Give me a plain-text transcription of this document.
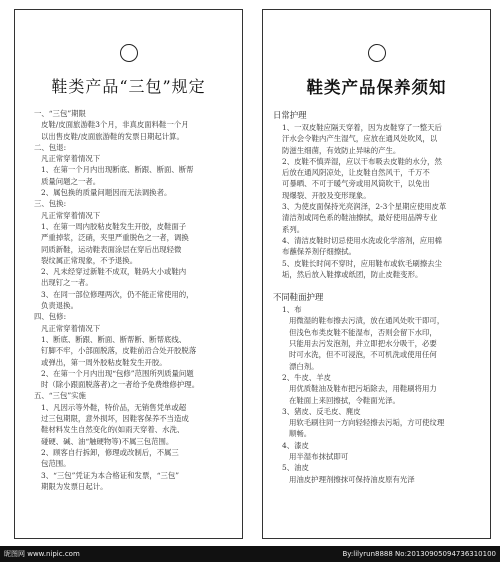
鞋类产品“三包”规定
一、“三包”期限
皮鞋/皮面旅游鞋3个月，非真皮面料鞋一个月
以出售皮鞋/皮面旅游鞋的发票日期起计算。
二、包退:
凡正常穿着情况下
1、在第一个月内出现断底、断跟、断面、断帮
质量问题之一者。
2、属包换的质量问题因而无法调换者。
三、包换:
凡正常穿着情况下
1、在第一周内胶粘皮鞋发生开胶，皮鞋面子
严重掉浆，泛硝，夹里严重脱色之一者，调换
同质新鞋，运动鞋表面涂层在穿后出现轻微
裂纹属正常现象，不予退换。
2、凡未经穿过新鞋不成双，鞋码大小或鞋内
出现钉之一者。
3、在同一部位修理两次，仍不能正常使用的，
负责退换。
四、包修:
凡正常穿着情况下
1、断底、断跟、断面、断帮断、断帮底线、
钉脚不牢，小部面脱落，皮鞋前沿合处开胶脱落
或弹出，第一周外胶粘皮鞋发生开胶。
2、在第一个月内出现“包修”范围所列质量问题
时（除小跟面脱落者)之一者给予免费维修护理。
五、“三包”实施
1、凡因示等外鞋，特价品，无销售凭单或超
过三包期限，意外损坏，因鞋客保养不当造成
鞋材料发生自然变化的(如雨天穿着、水洗、
碰硬、碱、油“触硬物等)不属三包范围。
2、顾客自行拆卸，修理或改制后，不属三
包范围。
3、“三包”凭证为本合格证和发票，“三包”
期限为发票日起计。
鞋类产品保养须知
日常护理
1、一双皮鞋应隔天穿着，因为皮鞋穿了一整天后
汗水会令鞋内产生湿气，应放在通风处吹风，以
防滋生细菌，有效防止异味的产生。
2、皮鞋不慎弄湿，应以干布吸去皮鞋的水分，然
后放在通风阴凉处，让皮鞋自然风干，千万不
可暴晒、不可于暖气旁或用风筒吹干，以免出
现爆裂、开胶及变形现象。
3、为使皮面保持光亮润泽，2-3个星期应使用皮革
清洁剂或同色系的鞋油擦拭，最好使用品牌专业
系列。
4、清洁皮鞋时切忌使用水洗或化学溶剂，应用棉
布蘸保养剂仔细擦拭。
5、皮鞋长时间不穿时，应用鞋布或软毛刷擦去尘
垢，然后放入鞋撑或纸团，防止皮鞋变形。
不同鞋面护理
1、布
用微湿的鞋布擦去污渍，放在通风处吹干即可，
但浅色布类皮鞋不能湿布，否则会留下水印，
只能用去污发泡剂，并立即把水分吸干，必要
时可水洗，但不可浸泡，不可机洗或使用任何
漂白剂。
2、牛皮、羊皮
用优质鞋油及鞋布把污垢除去，用鞋刷将用力
在鞋面上来回擦拭，令鞋面光泽。
3、猪皮、反毛皮、麂皮
用软毛刷往同一方向轻轻擦去污垢，方可使纹理
顺畅。
4、漆皮
用半湿布抹拭即可
5、油皮
用油皮护理剂擦抹可保持油皮原有光泽
昵图网 www.nipic.com	By:lilyrun8888 No:20130905094736310100
